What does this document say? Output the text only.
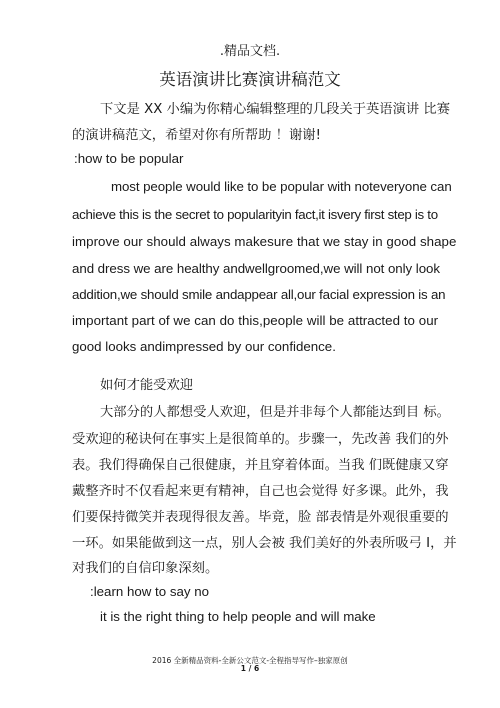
.精品文档.
英语演讲比赛演讲稿范文
下文是 XX 小编为你精心编辑整理的几段关于英语演讲 比赛
的演讲稿范文，希望对你有所帮助 ！谢谢!
:how to be popular
most people would like to be popular with noteveryone can
achieve this is the secret to popularityin fact,it isvery first step is to
improve our should always makesure that we stay in good shape
and dress we are healthy andwellgroomed,we will not only look
addition,we should smile andappear all,our facial expression is an
important part of we can do this,people will be attracted to our
good looks andimpressed by our confidence.
如何才能受欢迎
大部分的人都想受人欢迎，但是并非每个人都能达到目 标。
受欢迎的秘诀何在事实上是很简单的。步骤一，先改善 我们的外
表。我们得确保自己很健康，并且穿着体面。当我 们既健康又穿
戴整齐时不仅看起来更有精神，自己也会觉得 好多课。此外，我
们要保持微笑并表现得很友善。毕竟，脸 部表情是外观很重要的
一环。如果能做到这一点，别人会被 我们美好的外表所吸弓 I，并
对我们的自信印象深刻。
:learn how to say no
it is the right thing to help people and will make
2016 全新精品资料-全新公文范文-全程指导写作–独家原创
1 / 6
